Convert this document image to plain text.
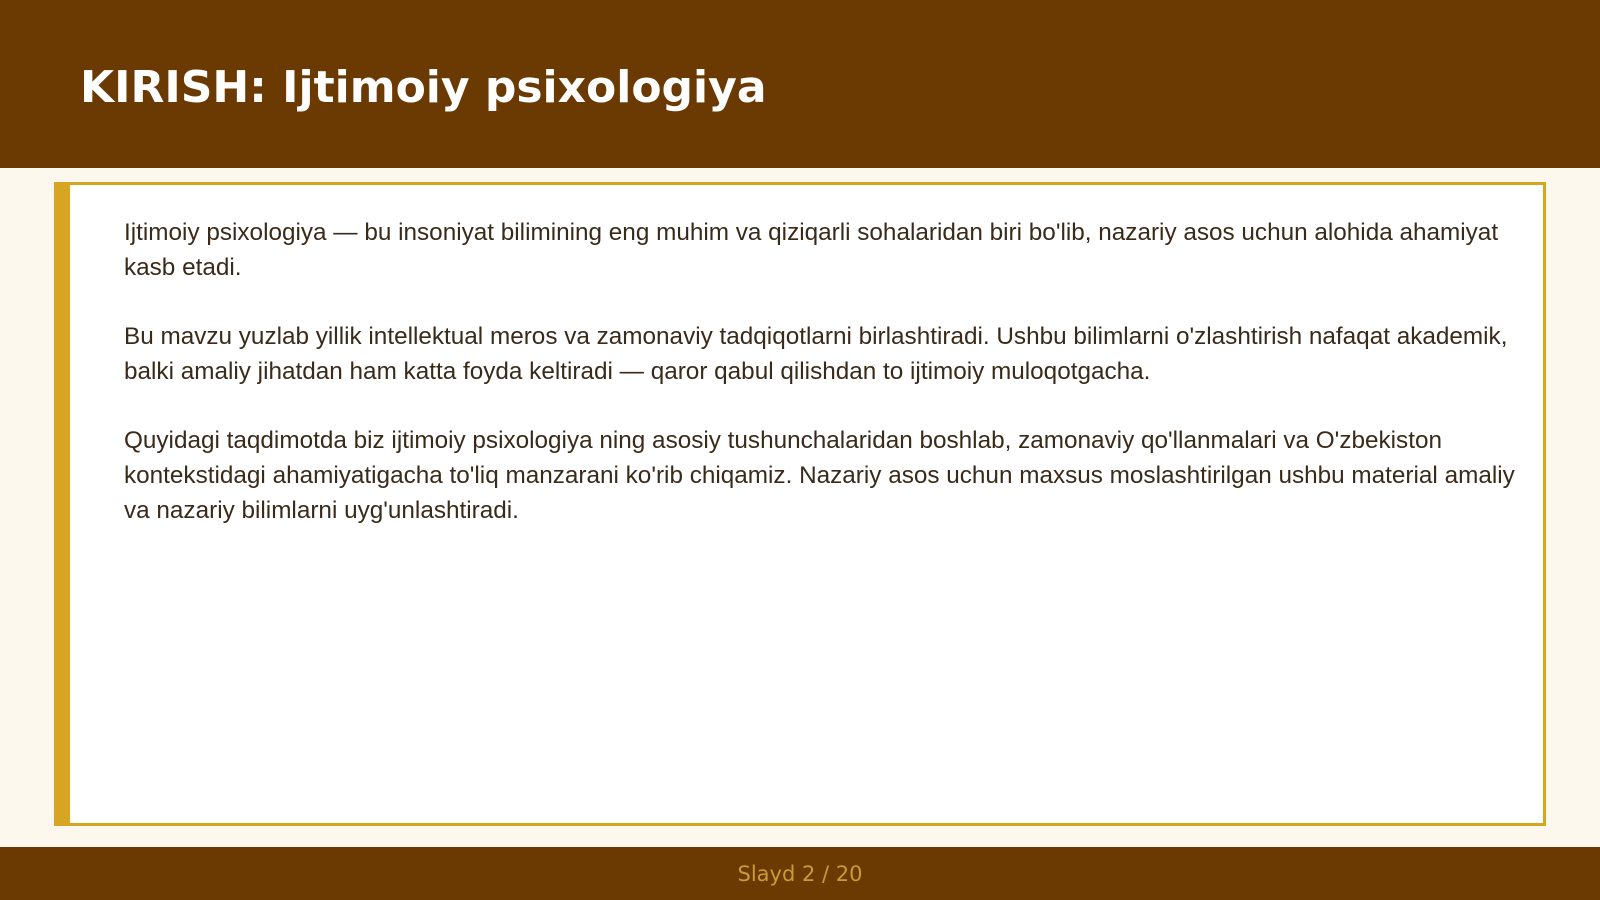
KIRISH: Ijtimoiy psixologiya

Ijtimoiy psixologiya — bu insoniyat bilimining eng muhim va qiziqarli sohalaridan biri bo'lib, nazariy asos uchun alohida ahamiyat kasb etadi.

Bu mavzu yuzlab yillik intellektual meros va zamonaviy tadqiqotlarni birlashtiradi. Ushbu bilimlarni o'zlashtirish nafaqat akademik, balki amaliy jihatdan ham katta foyda keltiradi — qaror qabul qilishdan to ijtimoiy muloqotgacha.

Quyidagi taqdimotda biz ijtimoiy psixologiya ning asosiy tushunchalaridan boshlab, zamonaviy qo'llanmalari va O'zbekiston kontekstidagi ahamiyatigacha to'liq manzarani ko'rib chiqamiz. Nazariy asos uchun maxsus moslashtirilgan ushbu material amaliy va nazariy bilimlarni uyg'unlashtiradi.

Slayd 2 / 20
